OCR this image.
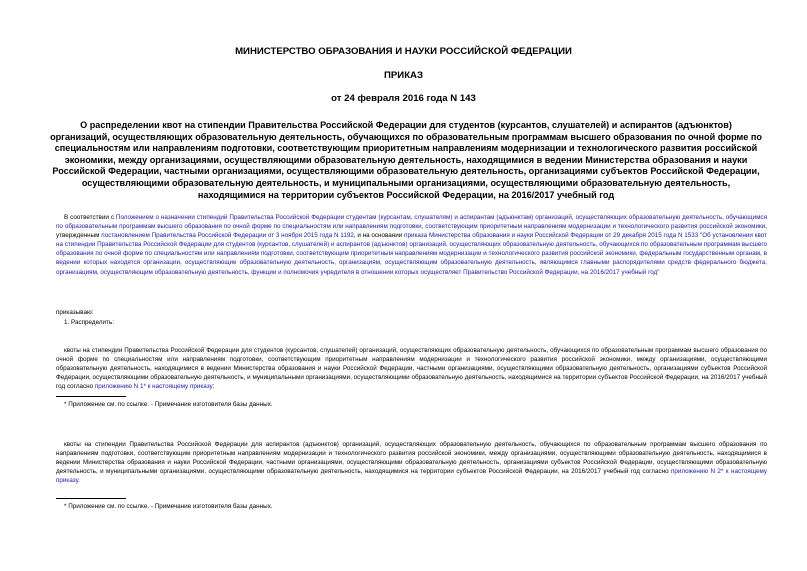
МИНИСТЕРСТВО ОБРАЗОВАНИЯ И НАУКИ РОССИЙСКОЙ ФЕДЕРАЦИИ
ПРИКАЗ
от 24 февраля 2016 года N 143
О распределении квот на стипендии Правительства Российской Федерации для студентов (курсантов, слушателей) и аспирантов (адъюнктов) организаций, осуществляющих образовательную деятельность, обучающихся по образовательным программам высшего образования по очной форме по специальностям или направлениям подготовки, соответствующим приоритетным направлениям модернизации и технологического развития российской экономики, между организациями, осуществляющими образовательную деятельность, находящимися в ведении Министерства образования и науки Российской Федерации, частными организациями, осуществляющими образовательную деятельность, организациями субъектов Российской Федерации, осуществляющими образовательную деятельность, и муниципальными организациями, осуществляющими образовательную деятельность, находящимися на территории субъектов Российской Федерации, на 2016/2017 учебный год
В соответствии с Положением о назначении стипендий Правительства Российской Федерации студентам (курсантам, слушателям) и аспирантам (адъюнктам) организаций, осуществляющих образовательную деятельность, обучающимся по образовательным программам высшего образования по очной форме по специальностям или направлениям подготовки, соответствующим приоритетным направлениям модернизации и технологического развития российской экономики, утвержденным постановлением Правительства Российской Федерации от 3 ноября 2015 года N 1192, и на основании приказа Министерства образования и науки Российской Федерации от 29 декабря 2015 года N 1533 "Об установлении квот на стипендии Правительства Российской Федерации для студентов (курсантов, слушателей) и аспирантов (адъюнктов) организаций, осуществляющих образовательную деятельность, обучающихся по образовательным программам высшего образования по очной форме по специальностям или направлениям подготовки, соответствующим приоритетным направлениям модернизации и технологического развития российской экономики, федеральным государственным органам, в ведении которых находятся организации, осуществляющие образовательную деятельность, организациям, осуществляющим образовательную деятельность, являющимся главными распорядителями средств федерального бюджета, организациям, осуществляющим образовательную деятельность, функции и полномочия учредителя в отношении которых осуществляет Правительство Российской Федерации, на 2016/2017 учебный год"
приказываю:
1. Распределить:
квоты на стипендии Правительства Российской Федерации для студентов (курсантов, слушателей) организаций, осуществляющих образовательную деятельность, обучающихся по образовательным программам высшего образования по очной форме по специальностям или направлениям подготовки, соответствующим приоритетным направлениям модернизации и технологического развития российской экономики, между организациями, осуществляющими образовательную деятельность, находящимися в ведении Министерства образования и науки Российской Федерации, частными организациями, осуществляющими образовательную деятельность, организациями субъектов Российской Федерации, осуществляющими образовательную деятельность, и муниципальными организациями, осуществляющими образовательную деятельность, находящимися на территории субъектов Российской Федерации, на 2016/2017 учебный год согласно приложению N 1* к настоящему приказу;
* Приложение см. по ссылке. - Примечание изготовителя базы данных.
квоты на стипендии Правительства Российской Федерации для аспирантов (адъюнктов) организаций, осуществляющих образовательную деятельность, обучающихся по образовательным программам высшего образования по направлениям подготовки, соответствующим приоритетным направлениям модернизации и технологического развития российской экономики, между организациями, осуществляющими образовательную деятельность, находящимися в ведении Министерства образования и науки Российской Федерации, частными организациями, осуществляющими образовательную деятельность, организациями субъектов Российской Федерации, осуществляющими образовательную деятельность, и муниципальными организациями, осуществляющими образовательную деятельность, находящимися на территории субъектов Российской Федерации, на 2016/2017 учебный год согласно приложению N 2* к настоящему приказу.
* Приложение см. по ссылке. - Примечание изготовителя базы данных.
